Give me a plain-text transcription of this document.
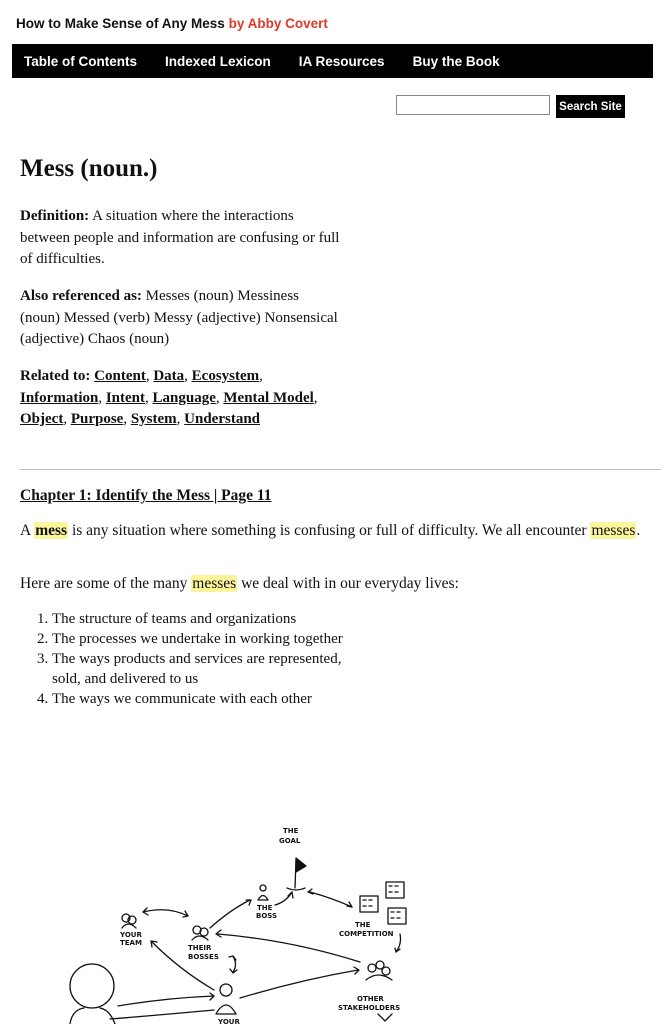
How to Make Sense of Any Mess by Abby Covert
Table of Contents Indexed Lexicon IA Resources Buy the Book
Search Site
Mess (noun.)
Definition: A situation where the interactions between people and information are confusing or full of difficulties.
Also referenced as: Messes (noun) Messiness (noun) Messed (verb) Messy (adjective) Nonsensical (adjective) Chaos (noun)
Related to: Content, Data, Ecosystem, Information, Intent, Language, Mental Model, Object, Purpose, System, Understand
Chapter 1: Identify the Mess | Page 11

A mess is any situation where something is confusing or full of difficulty. We all encounter messes.

Here are some of the many messes we deal with in our everyday lives:

1. The structure of teams and organizations
2. The processes we undertake in working together
3. The ways products and services are represented, sold, and delivered to us
4. The ways we communicate with each other
THE
GOAL
THE
BOSS
THE
COMPETITION
YOUR
TEAM
THEIR
BOSSES
OTHER
STAKEHOLDERS
YOUR
